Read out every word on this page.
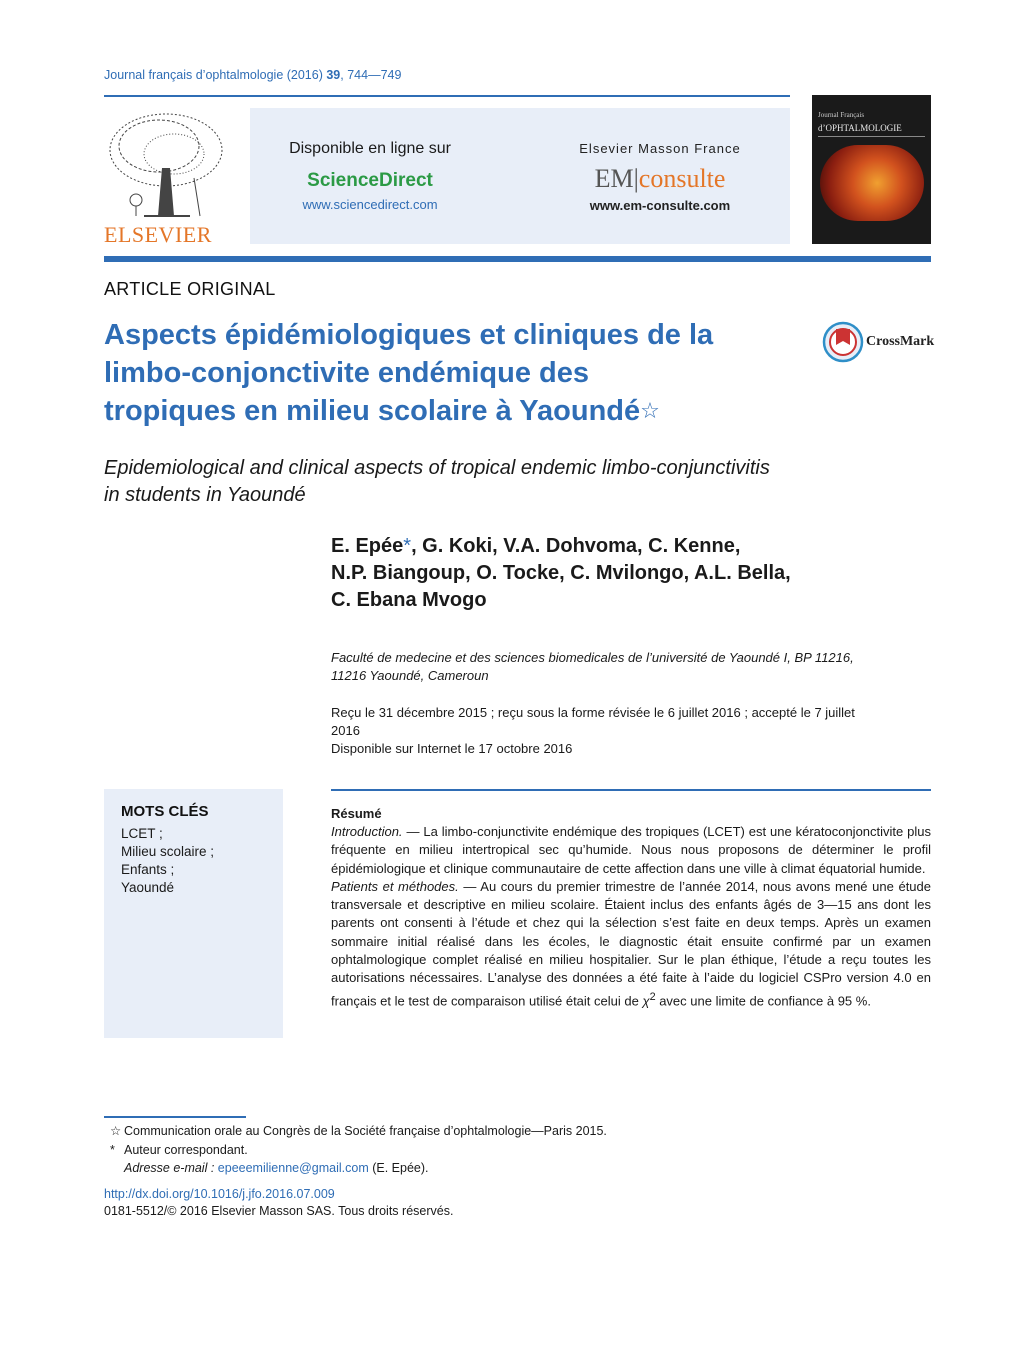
Journal français d’ophtalmologie (2016) 39, 744—749
ELSEVIER
Disponible en ligne sur
ScienceDirect
www.sciencedirect.com
Elsevier Masson France
EM|consulte
www.em-consulte.com
Journal Français
d’OPHTALMOLOGIE
ARTICLE ORIGINAL
Aspects épidémiologiques et cliniques de la
limbo-conjonctivite endémique des
tropiques en milieu scolaire à Yaoundé☆
CrossMark
Epidemiological and clinical aspects of tropical endemic limbo-conjunctivitis
in students in Yaoundé
E. Epée*, G. Koki, V.A. Dohvoma, C. Kenne,
N.P. Biangoup, O. Tocke, C. Mvilongo, A.L. Bella,
C. Ebana Mvogo
Faculté de medecine et des sciences biomedicales de l’université de Yaoundé I, BP 11216,
11216 Yaoundé, Cameroun
Reçu le 31 décembre 2015 ; reçu sous la forme révisée le 6 juillet 2016 ; accepté le 7 juillet
2016
Disponible sur Internet le 17 octobre 2016
MOTS CLÉS
LCET ;
Milieu scolaire ;
Enfants ;
Yaoundé
Résumé

Introduction. — La limbo-conjunctivite endémique des tropiques (LCET) est une kératoconjonctivite plus fréquente en milieu intertropical sec qu’humide. Nous nous proposons de déterminer le profil épidémiologique et clinique communautaire de cette affection dans une ville à climat équatorial humide.

Patients et méthodes. — Au cours du premier trimestre de l’année 2014, nous avons mené une étude transversale et descriptive en milieu scolaire. Étaient inclus des enfants âgés de 3—15 ans dont les parents ont consenti à l’étude et chez qui la sélection s’est faite en deux temps. Après un examen sommaire initial réalisé dans les écoles, le diagnostic était ensuite confirmé par un examen ophtalmologique complet réalisé en milieu hospitalier. Sur le plan éthique, l’étude a reçu toutes les autorisations nécessaires. L’analyse des données a été faite à l’aide du logiciel CSPro version 4.0 en français et le test de comparaison utilisé était celui de $\chi^2$ avec une limite de confiance à 95 %.

☆ Communication orale au Congrès de la Société française d’ophtalmologie—Paris 2015.
* Auteur correspondant.
Adresse e-mail : epeeemilienne@gmail.com (E. Epée).
http://dx.doi.org/10.1016/j.jfo.2016.07.009
0181-5512/© 2016 Elsevier Masson SAS. Tous droits réservés.
